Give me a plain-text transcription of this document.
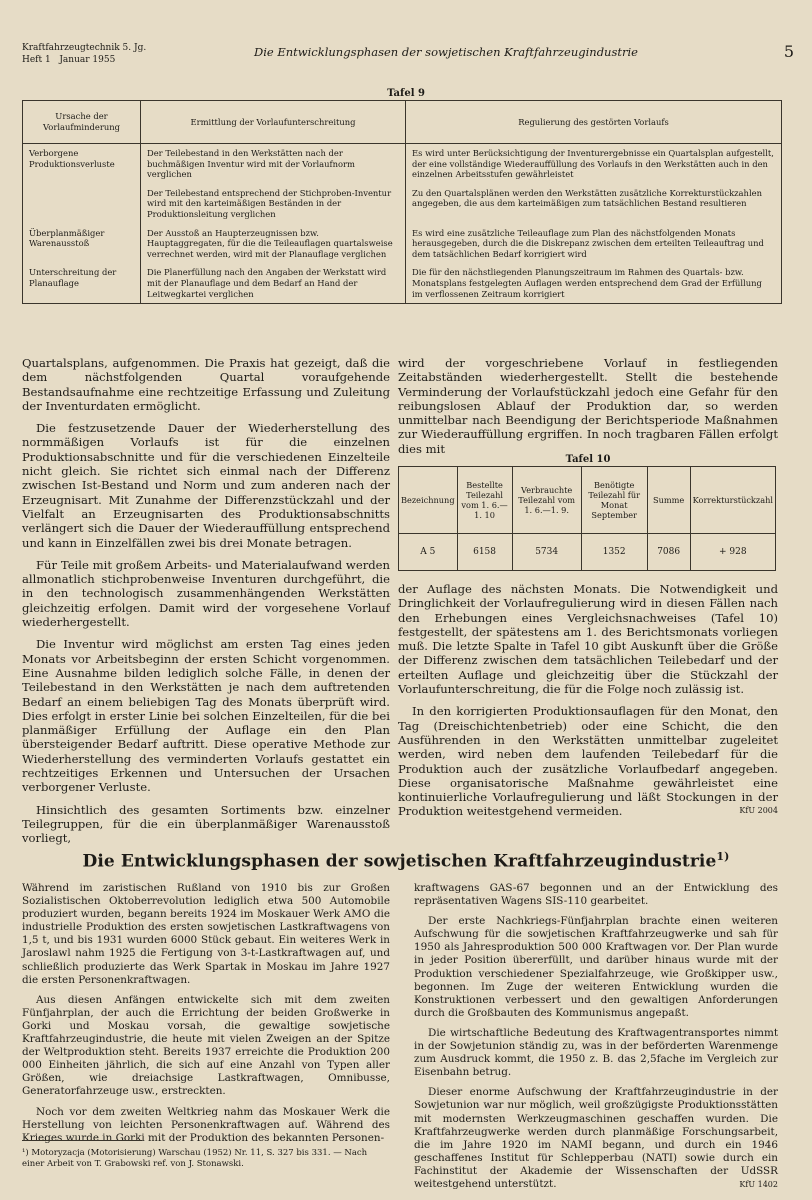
Kraftfahrzeugtechnik 5. Jg.
Heft 1 Januar 1955
Die Entwicklungsphasen der sowjetischen Kraftfahrzeugindustrie	5
Tafel 9
Ursache der Vorlaufminderung	Ermittlung der Vorlaufunterschreitung	Regulierung des gestörten Vorlaufs
Verborgene Produktionsverluste	Der Teilebestand in den Werkstätten nach der buchmäßigen Inventur wird mit der Vorlaufnorm verglichen	Es wird unter Berücksichtigung der Inventurergebnisse ein Quartalsplan aufgestellt, der eine vollständige Wiederauffüllung des Vorlaufs in den Werkstätten auch in den einzelnen Arbeitsstufen gewährleistet
	Der Teilebestand entsprechend der Stichproben-Inventur wird mit den karteimäßigen Beständen in der Produktionsleitung verglichen	Zu den Quartalsplänen werden den Werkstätten zusätzliche Korrekturstückzahlen angegeben, die aus dem karteimäßigen zum tatsächlichen Bestand resultieren
Überplanmäßiger Warenausstoß	Der Ausstoß an Haupterzeugnissen bzw. Hauptaggregaten, für die die Teileauflagen quartalsweise verrechnet werden, wird mit der Planauflage verglichen	Es wird eine zusätzliche Teileauflage zum Plan des nächstfolgenden Monats herausgegeben, durch die die Diskrepanz zwischen dem erteilten Teileauftrag und dem tatsächlichen Bedarf korrigiert wird
Unterschreitung der Planauflage	Die Planerfüllung nach den Angaben der Werkstatt wird mit der Planauflage und dem Bedarf an Hand der Leitwegkartei verglichen	Die für den nächstliegenden Planungszeitraum im Rahmen des Quartals- bzw. Monatsplans festgelegten Auflagen werden entsprechend dem Grad der Erfüllung im verflossenen Zeitraum korrigiert

Quartalsplans, aufgenommen. Die Praxis hat gezeigt, daß die dem nächstfolgenden Quartal voraufgehende Bestandsaufnahme eine rechtzeitige Erfassung und Zuleitung der Inventurdaten ermöglicht.

Die festzusetzende Dauer der Wiederherstellung des normmäßigen Vorlaufs ist für die einzelnen Produktionsabschnitte und für die verschiedenen Einzelteile nicht gleich. Sie richtet sich einmal nach der Differenz zwischen Ist-Bestand und Norm und zum anderen nach der Erzeugnisart. Mit Zunahme der Differenzstückzahl und der Vielfalt an Erzeugnisarten des Produktionsabschnitts verlängert sich die Dauer der Wiederauffüllung entsprechend und kann in Einzelfällen zwei bis drei Monate betragen.

Für Teile mit großem Arbeits- und Materialaufwand werden allmonatlich stichprobenweise Inventuren durchgeführt, die in den technologisch zusammenhängenden Werkstätten gleichzeitig erfolgen. Damit wird der vorgesehene Vorlauf wiederhergestellt.

Die Inventur wird möglichst am ersten Tag eines jeden Monats vor Arbeitsbeginn der ersten Schicht vorgenommen. Eine Ausnahme bilden lediglich solche Fälle, in denen der Teilebestand in den Werkstätten je nach dem auftretenden Bedarf an einem beliebigen Tag des Monats überprüft wird. Dies erfolgt in erster Linie bei solchen Einzelteilen, für die bei planmäßiger Erfüllung der Auflage ein den Plan übersteigender Bedarf auftritt. Diese operative Methode zur Wiederherstellung des verminderten Vorlaufs gestattet ein rechtzeitiges Erkennen und Untersuchen der Ursachen verborgener Verluste.

Hinsichtlich des gesamten Sortiments bzw. einzelner Teilegruppen, für die ein überplanmäßiger Warenausstoß vorliegt,

wird der vorgeschriebene Vorlauf in festliegenden Zeitabständen wiederhergestellt. Stellt die bestehende Verminderung der Vorlaufstückzahl jedoch eine Gefahr für den reibungslosen Ablauf der Produktion dar, so werden unmittelbar nach Beendigung der Berichtsperiode Maßnahmen zur Wiederauffüllung ergriffen. In noch tragbaren Fällen erfolgt dies mit

Tafel 10
Bezeichnung	Bestellte Teilezahl vom 1. 6.—1. 10	Verbrauchte Teilezahl vom 1. 6.—1. 9.	Benötigte Teilezahl für Monat September	Summe	Korrekturstückzahl
A 5	6158	5734	1352	7086	+ 928

der Auflage des nächsten Monats. Die Notwendigkeit und Dringlichkeit der Vorlaufregulierung wird in diesen Fällen nach den Erhebungen eines Vergleichsnachweises (Tafel 10) festgestellt, der spätestens am 1. des Berichtsmonats vorliegen muß. Die letzte Spalte in Tafel 10 gibt Auskunft über die Größe der Differenz zwischen dem tatsächlichen Teilebedarf und der erteilten Auflage und gleichzeitig über die Stückzahl der Vorlaufunterschreitung, die für die Folge noch zulässig ist.

In den korrigierten Produktionsauflagen für den Monat, den Tag (Dreischichtenbetrieb) oder eine Schicht, die den Ausführenden in den Werkstätten unmittelbar zugeleitet werden, wird neben dem laufenden Teilebedarf für die Produktion auch der zusätzliche Vorlaufbedarf angegeben. Diese organisatorische Maßnahme gewährleistet eine kontinuierliche Vorlaufregulierung und läßt Stockungen in der Produktion weitestgehend vermeiden.	KfU 2004

Die Entwicklungsphasen der sowjetischen Kraftfahrzeugindustrie$^{1)}$

Während im zaristischen Rußland von 1910 bis zur Großen Sozialistischen Oktoberrevolution lediglich etwa 500 Automobile produziert wurden, begann bereits 1924 im Moskauer Werk AMO die industrielle Produktion des ersten sowjetischen Lastkraftwagens von 1,5 t, und bis 1931 wurden 6000 Stück gebaut. Ein weiteres Werk in Jaroslawl nahm 1925 die Fertigung von 3-t-Lastkraftwagen auf, und schließlich produzierte das Werk Spartak in Moskau im Jahre 1927 die ersten Personenkraftwagen.

Aus diesen Anfängen entwickelte sich mit dem zweiten Fünfjahrplan, der auch die Errichtung der beiden Großwerke in Gorki und Moskau vorsah, die gewaltige sowjetische Kraftfahrzeugindustrie, die heute mit vielen Zweigen an der Spitze der Weltproduktion steht. Bereits 1937 erreichte die Produktion 200 000 Einheiten jährlich, die sich auf eine Anzahl von Typen aller Größen, wie dreiachsige Lastkraftwagen, Omnibusse, Generatorfahrzeuge usw., erstreckten.

Noch vor dem zweiten Weltkrieg nahm das Moskauer Werk die Herstellung von leichten Personenkraftwagen auf. Während des Krieges wurde in Gorki mit der Produktion des bekannten Personen-

kraftwagens GAS-67 begonnen und an der Entwicklung des repräsentativen Wagens SIS-110 gearbeitet.

Der erste Nachkriegs-Fünfjahrplan brachte einen weiteren Aufschwung für die sowjetischen Kraftfahrzeugwerke und sah für 1950 als Jahresproduktion 500 000 Kraftwagen vor. Der Plan wurde in jeder Position übererfüllt, und darüber hinaus wurde mit der Produktion verschiedener Spezialfahrzeuge, wie Großkipper usw., begonnen. Im Zuge der weiteren Entwicklung wurden die Konstruktionen verbessert und den gewaltigen Anforderungen durch die Großbauten des Kommunismus angepaßt.

Die wirtschaftliche Bedeutung des Kraftwagentransportes nimmt in der Sowjetunion ständig zu, was in der beförderten Warenmenge zum Ausdruck kommt, die 1950 z. B. das 2,5fache im Vergleich zur Eisenbahn betrug.

Dieser enorme Aufschwung der Kraftfahrzeugindustrie in der Sowjetunion war nur möglich, weil großzügigste Produktionsstätten mit modernsten Werkzeugmaschinen geschaffen wurden. Die Kraftfahrzeugwerke werden durch planmäßige Forschungsarbeit, die im Jahre 1920 im NAMI begann, und durch ein 1946 geschaffenes Institut für Schlepperbau (NATI) sowie durch ein Fachinstitut der Akademie der Wissenschaften der UdSSR weitestgehend unterstützt.	KfU 1402

¹) Motoryzacja (Motorisierung) Warschau (1952) Nr. 11, S. 327 bis 331. — Nach einer Arbeit von T. Grabowski ref. von J. Stonawski.
